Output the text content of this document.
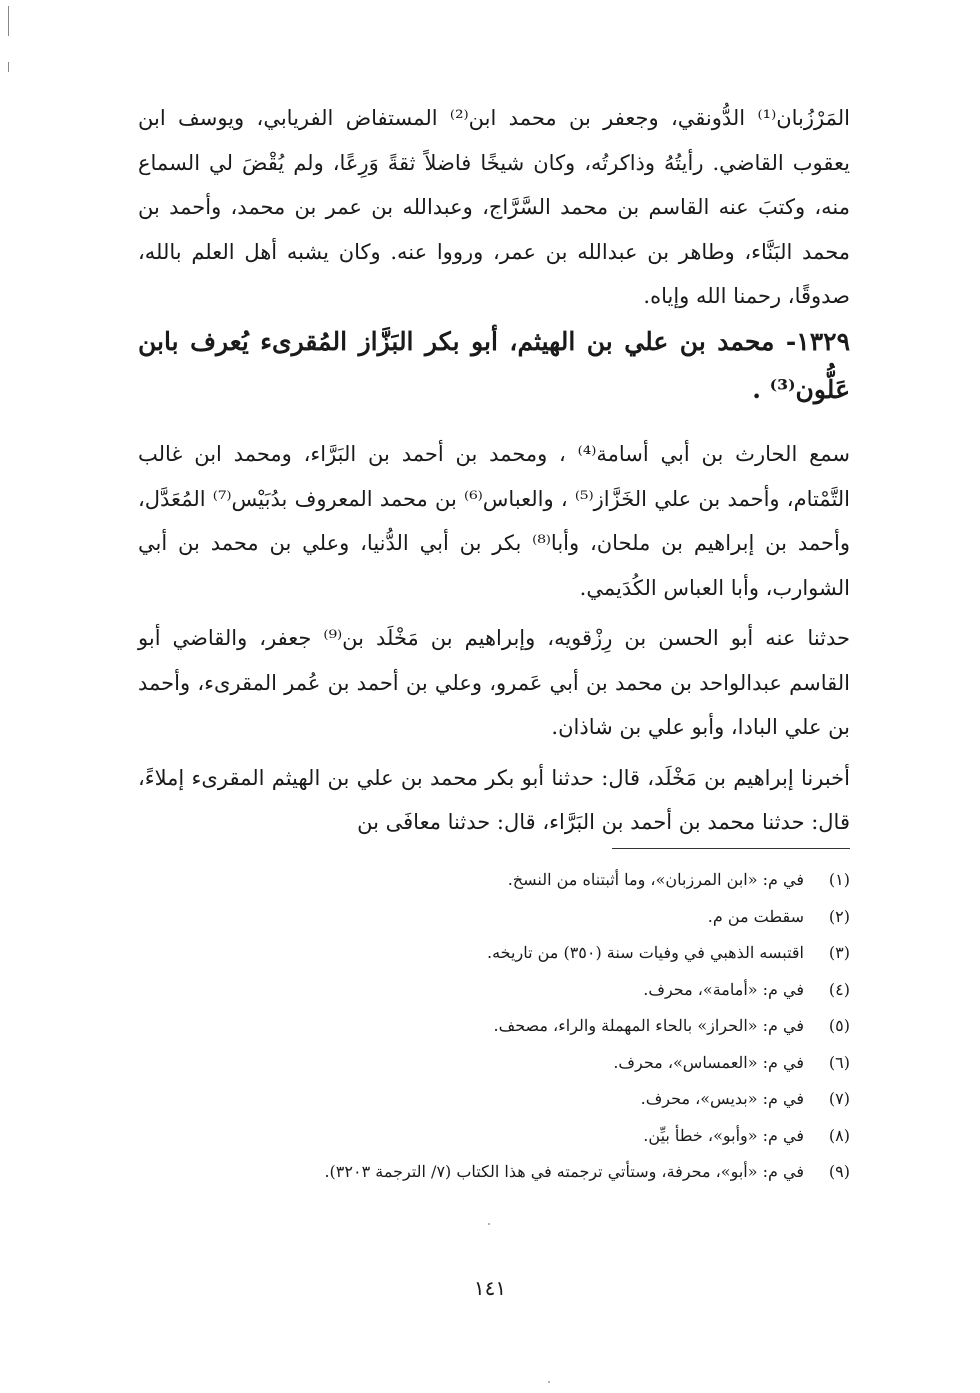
المَرْزُبان⁽¹⁾ الدُّونقي، وجعفر بن محمد ابن⁽²⁾ المستفاض الفريابي، ويوسف ابن يعقوب القاضي. رأيتُهُ وذاكرتُه، وكان شيخًا فاضلاً ثقةً وَرِعًا، ولم يُقْضَ لي السماع منه، وكتبَ عنه القاسم بن محمد السَّرَّاج، وعبدالله بن عمر بن محمد، وأحمد بن محمد البَنَّاء، وطاهر بن عبدالله بن عمر، ورووا عنه. وكان يشبه أهل العلم بالله، صدوقًا، رحمنا الله وإياه.

١٣٢٩- محمد بن علي بن الهيثم، أبو بكر البَزَّاز المُقرىء يُعرف بابن عَلُّون⁽³⁾ .

سمع الحارث بن أبي أسامة⁽⁴⁾ ، ومحمد بن أحمد بن البَرَّاء، ومحمد ابن غالب التَّمْتام، وأحمد بن علي الخَزَّاز⁽⁵⁾ ، والعباس⁽⁶⁾ بن محمد المعروف بدُبَيْس⁽⁷⁾ المُعَدَّل، وأحمد بن إبراهيم بن ملحان، وأبا⁽⁸⁾ بكر بن أبي الدُّنيا، وعلي بن محمد بن أبي الشوارب، وأبا العباس الكُدَيمي.

حدثنا عنه أبو الحسن بن رِزْقويه، وإبراهيم بن مَخْلَد بن⁽⁹⁾ جعفر، والقاضي أبو القاسم عبدالواحد بن محمد بن أبي عَمرو، وعلي بن أحمد بن عُمر المقرىء، وأحمد بن علي البادا، وأبو علي بن شاذان.

أخبرنا إبراهيم بن مَخْلَد، قال: حدثنا أبو بكر محمد بن علي بن الهيثم المقرىء إملاءً، قال: حدثنا محمد بن أحمد بن البَرَّاء، قال: حدثنا معافَى بن

(١)
في م: «ابن المرزبان»، وما أثبتناه من النسخ.
(٢)
سقطت من م.
(٣)
اقتبسه الذهبي في وفيات سنة (٣٥٠) من تاريخه.
(٤)
في م: «أمامة»، محرف.
(٥)
في م: «الحراز» بالحاء المهملة والراء، مصحف.
(٦)
في م: «العمساس»، محرف.
(٧)
في م: «بديس»، محرف.
(٨)
في م: «وأبو»، خطأ بيِّن.
(٩)
في م: «أبو»، محرفة، وستأتي ترجمته في هذا الكتاب (٧/ الترجمة ٣٢٠٣).
١٤١
